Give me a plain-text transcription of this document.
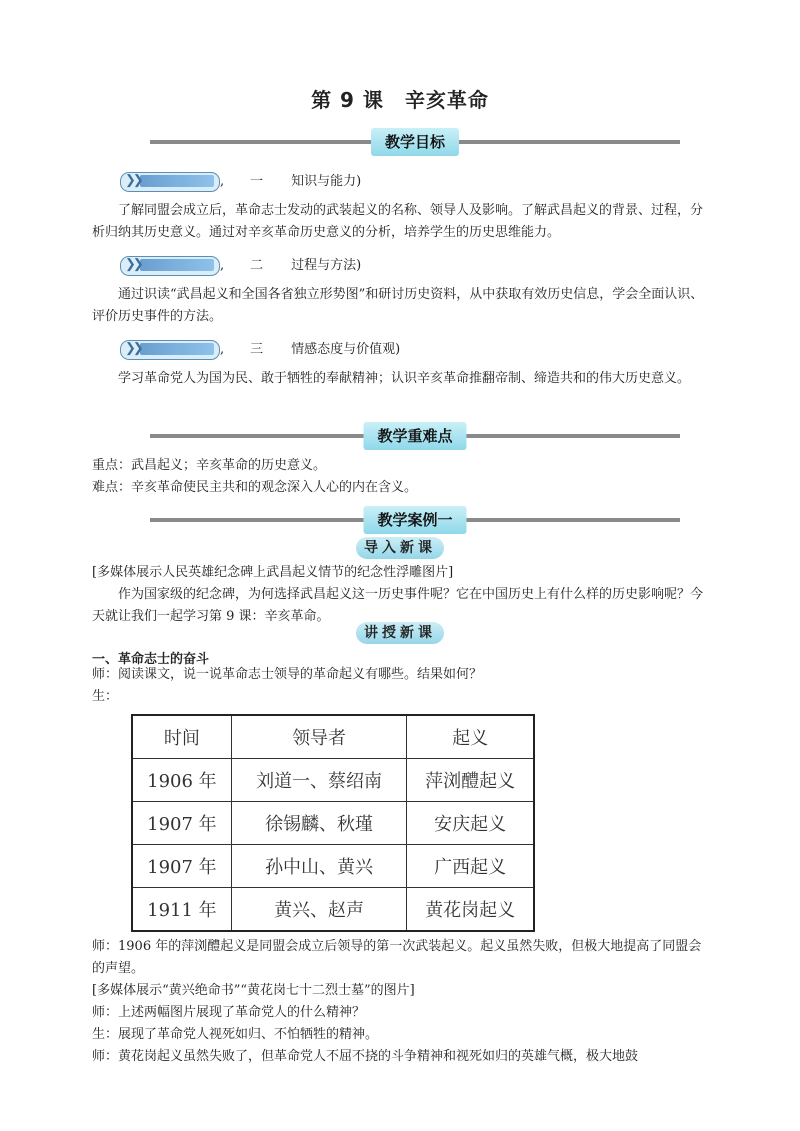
第 9 课　辛亥革命
教学目标
❯❯	, 一 知识与能力)
了解同盟会成立后，革命志士发动的武装起义的名称、领导人及影响。了解武昌起义的背景、过程，分析归纳其历史意义。通过对辛亥革命历史意义的分析，培养学生的历史思维能力。
❯❯	, 二 过程与方法)
通过识读“武昌起义和全国各省独立形势图”和研讨历史资料，从中获取有效历史信息，学会全面认识、评价历史事件的方法。
❯❯	, 三 情感态度与价值观)
学习革命党人为国为民、敢于牺牲的奉献精神；认识辛亥革命推翻帝制、缔造共和的伟大历史意义。
教学重难点
重点：武昌起义；辛亥革命的历史意义。
难点：辛亥革命使民主共和的观念深入人心的内在含义。
教学案例一
导入新课
[多媒体展示人民英雄纪念碑上武昌起义情节的纪念性浮雕图片]
作为国家级的纪念碑，为何选择武昌起义这一历史事件呢？它在中国历史上有什么样的历史影响呢？今天就让我们一起学习第 9 课：辛亥革命。
讲授新课
一、革命志士的奋斗
师：阅读课文，说一说革命志士领导的革命起义有哪些。结果如何？
生：
时间	领导者	起义
1906 年	刘道一、蔡绍南	萍浏醴起义
1907 年	徐锡麟、秋瑾	安庆起义
1907 年	孙中山、黄兴	广西起义
1911 年	黄兴、赵声	黄花岗起义
师：1906 年的萍浏醴起义是同盟会成立后领导的第一次武装起义。起义虽然失败，但极大地提高了同盟会的声望。
[多媒体展示“黄兴绝命书”“黄花岗七十二烈士墓”的图片]
师：上述两幅图片展现了革命党人的什么精神？
生：展现了革命党人视死如归、不怕牺牲的精神。
师：黄花岗起义虽然失败了，但革命党人不屈不挠的斗争精神和视死如归的英雄气概，极大地鼓
